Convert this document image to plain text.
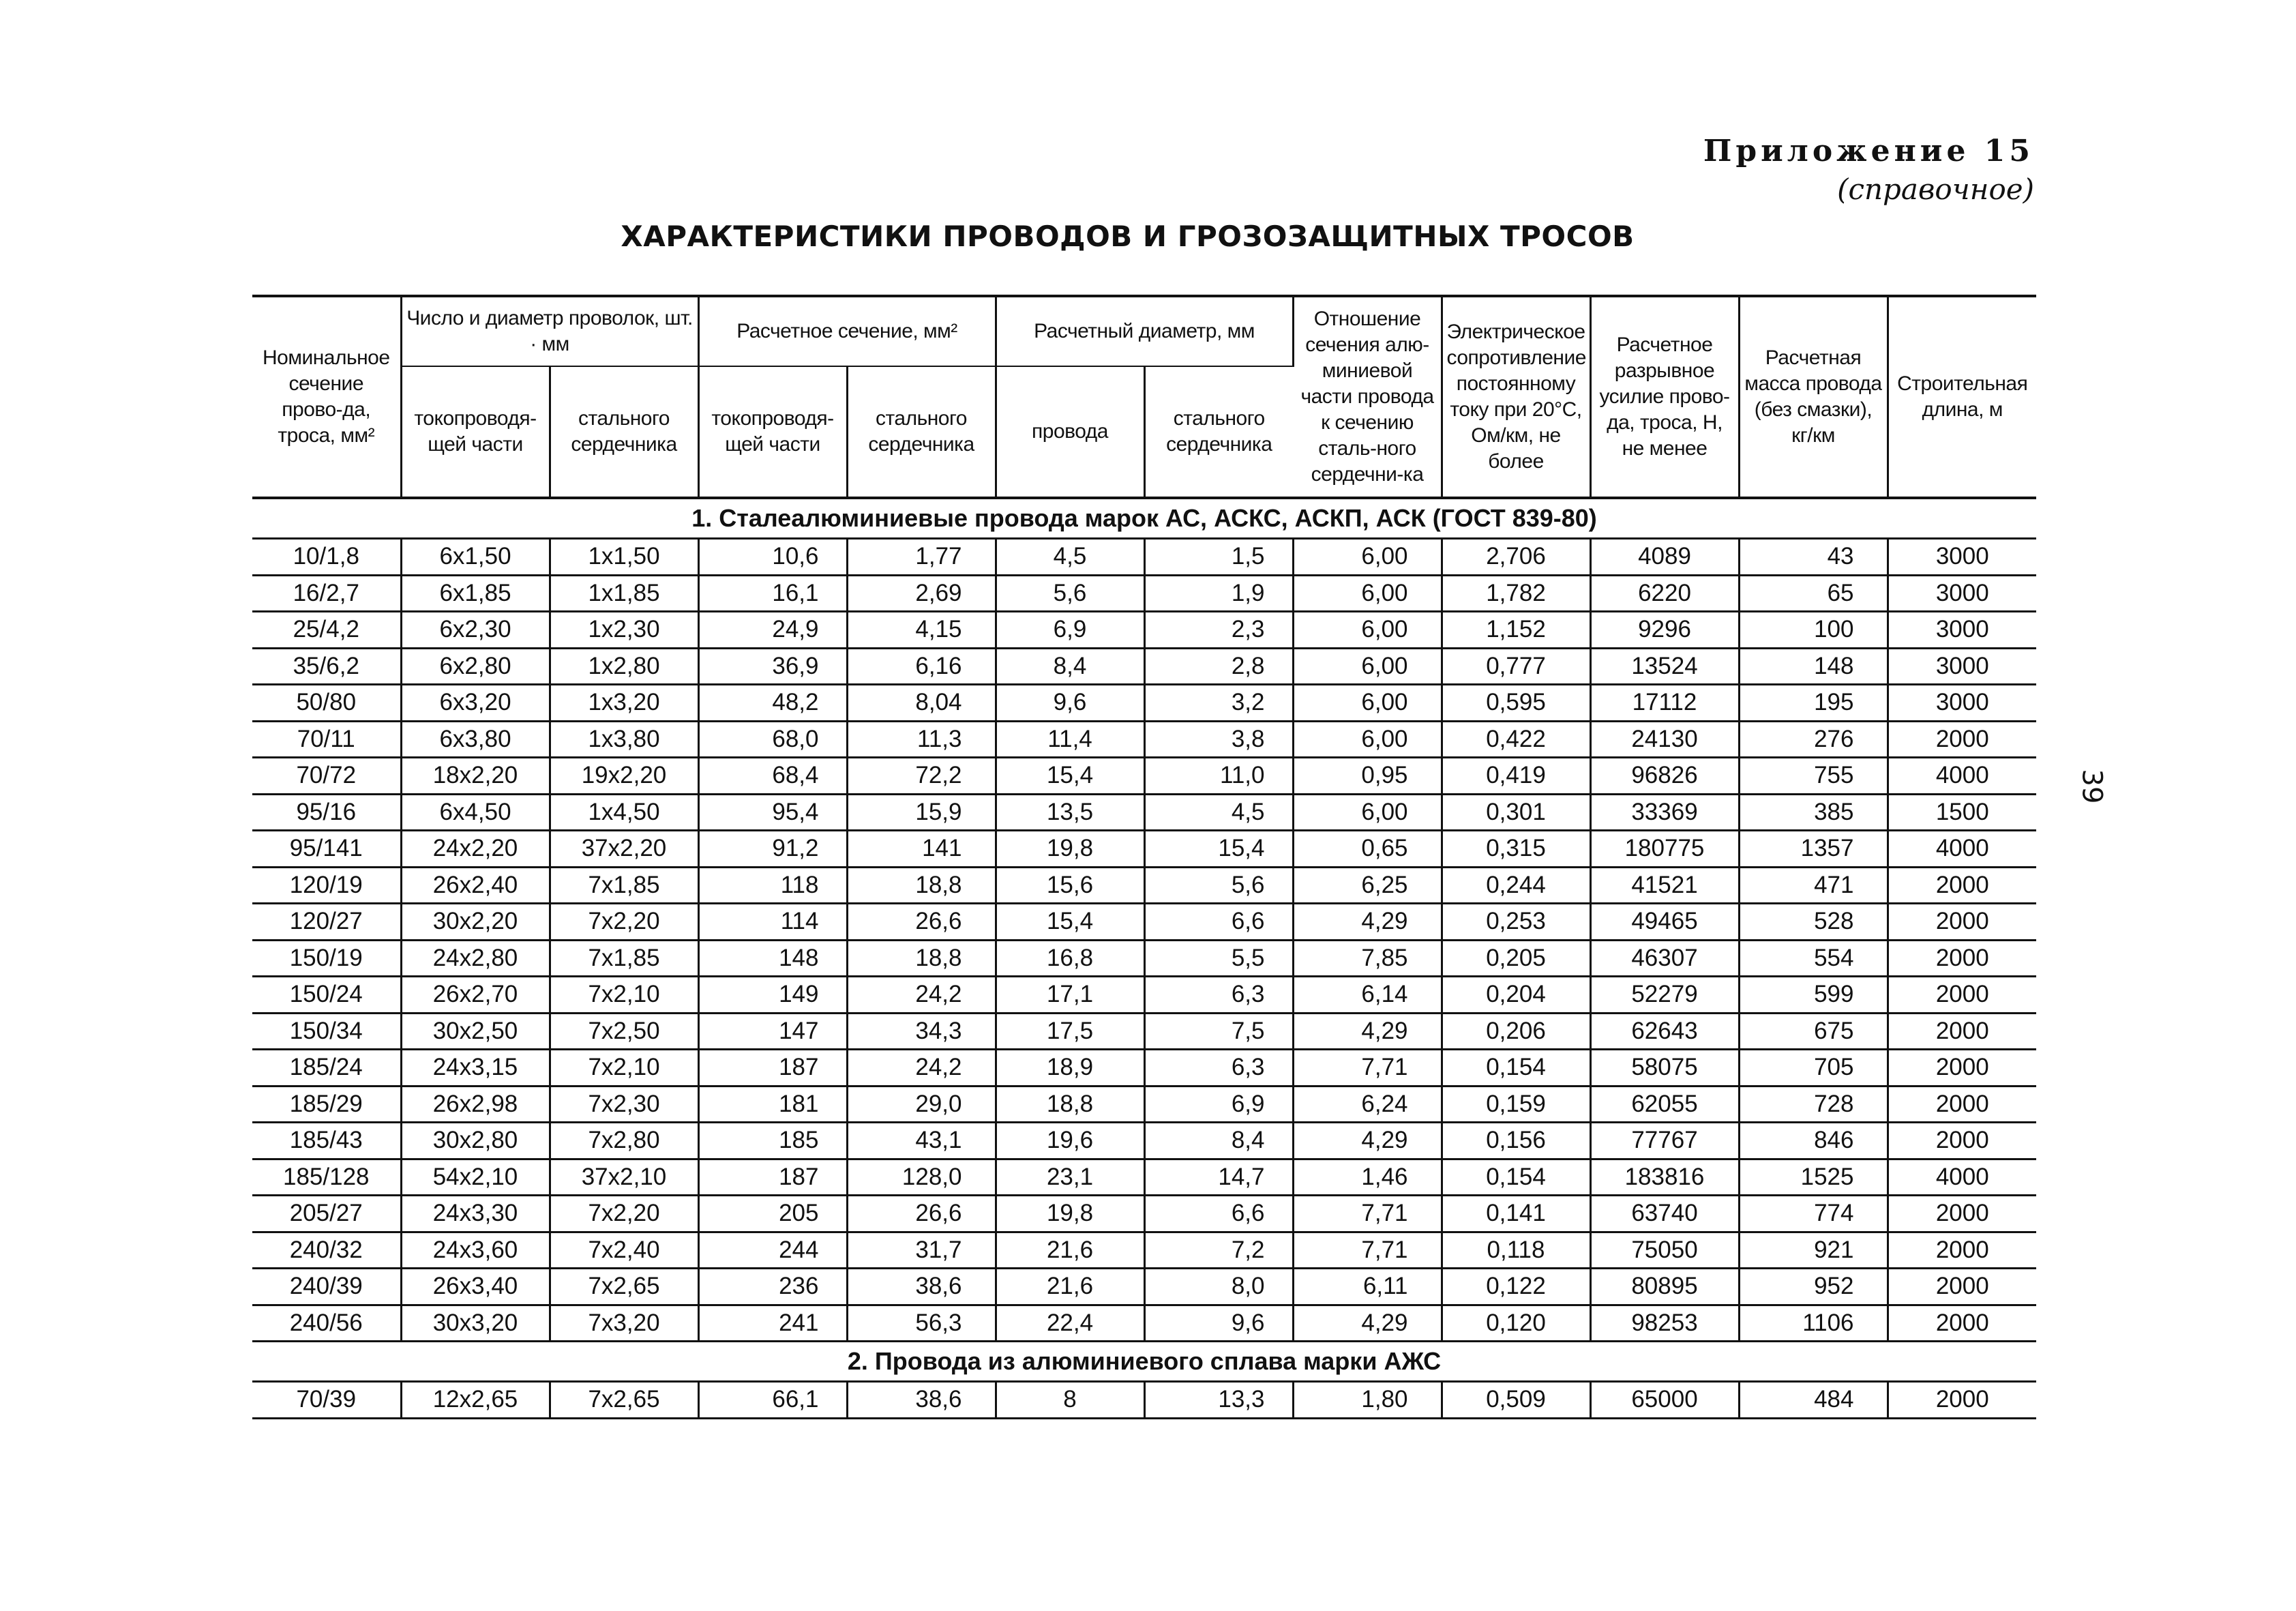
Приложение 15
(справочное)
ХАРАКТЕРИСТИКИ ПРОВОДОВ И ГРОЗОЗАЩИТНЫХ ТРОСОВ
39
Номинальное сечение прово-да, троса, мм²	Число и диаметр проволок, шт. · мм		Расчетное сечение, мм²		Расчетный диаметр, мм		Отношение сечения алю-миниевой части провода к сечению сталь-ного сердечни-ка	Электрическое сопротивление постоянному току при 20°С, Ом/км, не более	Расчетное разрывное усилие прово-да, троса, Н, не менее	Расчетная масса провода (без смазки), кг/км	Строительная длина, м
	токопроводя-щей части	стального сердечника	токопроводя-щей части	стального сердечника	провода	стального сердечника					
1. Сталеалюминиевые провода марок АС, АСКС, АСКП, АСК (ГОСТ 839-80)											
10/1,8	6x1,50	1x1,50	10,6	1,77	4,5	1,5	6,00	2,706	4089	43	3000
16/2,7	6x1,85	1x1,85	16,1	2,69	5,6	1,9	6,00	1,782	6220	65	3000
25/4,2	6x2,30	1x2,30	24,9	4,15	6,9	2,3	6,00	1,152	9296	100	3000
35/6,2	6x2,80	1x2,80	36,9	6,16	8,4	2,8	6,00	0,777	13524	148	3000
50/80	6x3,20	1x3,20	48,2	8,04	9,6	3,2	6,00	0,595	17112	195	3000
70/11	6x3,80	1x3,80	68,0	11,3	11,4	3,8	6,00	0,422	24130	276	2000
70/72	18x2,20	19x2,20	68,4	72,2	15,4	11,0	0,95	0,419	96826	755	4000
95/16	6x4,50	1x4,50	95,4	15,9	13,5	4,5	6,00	0,301	33369	385	1500
95/141	24x2,20	37x2,20	91,2	141	19,8	15,4	0,65	0,315	180775	1357	4000
120/19	26x2,40	7x1,85	118	18,8	15,6	5,6	6,25	0,244	41521	471	2000
120/27	30x2,20	7x2,20	114	26,6	15,4	6,6	4,29	0,253	49465	528	2000
150/19	24x2,80	7x1,85	148	18,8	16,8	5,5	7,85	0,205	46307	554	2000
150/24	26x2,70	7x2,10	149	24,2	17,1	6,3	6,14	0,204	52279	599	2000
150/34	30x2,50	7x2,50	147	34,3	17,5	7,5	4,29	0,206	62643	675	2000
185/24	24x3,15	7x2,10	187	24,2	18,9	6,3	7,71	0,154	58075	705	2000
185/29	26x2,98	7x2,30	181	29,0	18,8	6,9	6,24	0,159	62055	728	2000
185/43	30x2,80	7x2,80	185	43,1	19,6	8,4	4,29	0,156	77767	846	2000
185/128	54x2,10	37x2,10	187	128,0	23,1	14,7	1,46	0,154	183816	1525	4000
205/27	24x3,30	7x2,20	205	26,6	19,8	6,6	7,71	0,141	63740	774	2000
240/32	24x3,60	7x2,40	244	31,7	21,6	7,2	7,71	0,118	75050	921	2000
240/39	26x3,40	7x2,65	236	38,6	21,6	8,0	6,11	0,122	80895	952	2000
240/56	30x3,20	7x3,20	241	56,3	22,4	9,6	4,29	0,120	98253	1106	2000
2. Провода из алюминиевого сплава марки АЖС											
70/39	12x2,65	7x2,65	66,1	38,6	8	13,3	1,80	0,509	65000	484	2000
